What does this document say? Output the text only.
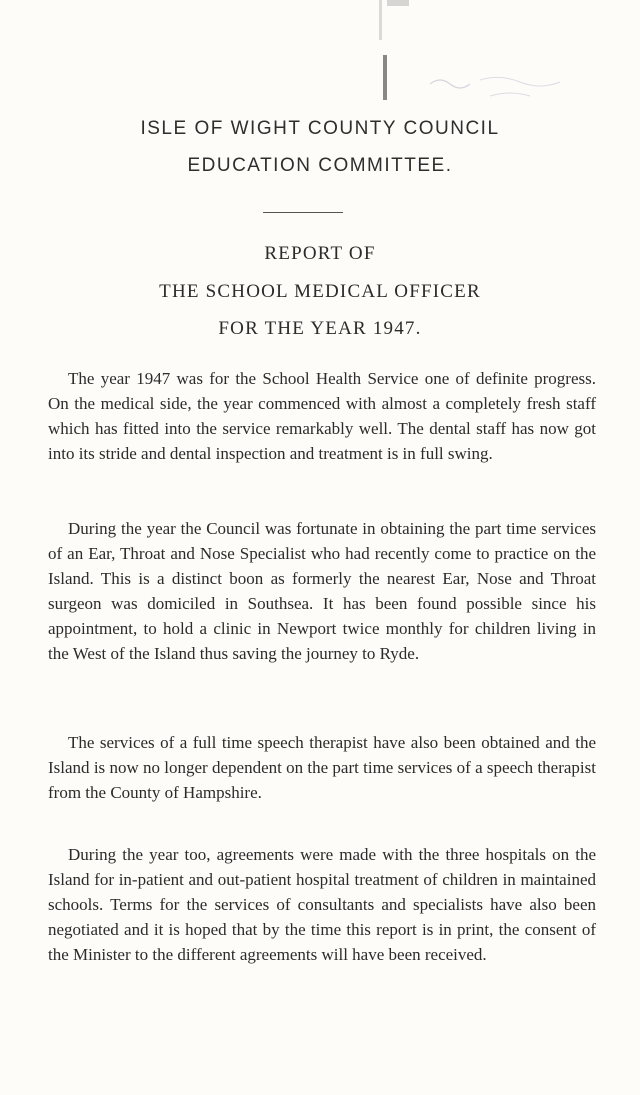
ISLE OF WIGHT COUNTY COUNCIL
EDUCATION COMMITTEE.

REPORT OF

THE SCHOOL MEDICAL OFFICER

FOR THE YEAR 1947.

The year 1947 was for the School Health Service one of definite progress. On the medical side, the year commenced with almost a completely fresh staff which has fitted into the service remarkably well. The dental staff has now got into its stride and dental inspection and treatment is in full swing.

During the year the Council was fortunate in obtaining the part time services of an Ear, Throat and Nose Specialist who had recently come to practice on the Island. This is a distinct boon as formerly the nearest Ear, Nose and Throat surgeon was domiciled in Southsea. It has been found possible since his appointment, to hold a clinic in Newport twice monthly for children living in the West of the Island thus saving the journey to Ryde.

The services of a full time speech therapist have also been obtained and the Island is now no longer dependent on the part time services of a speech therapist from the County of Hampshire.

During the year too, agreements were made with the three hospitals on the Island for in-patient and out-patient hospital treatment of children in maintained schools. Terms for the services of consultants and specialists have also been negotiated and it is hoped that by the time this report is in print, the consent of the Minister to the different agreements will have been received.
